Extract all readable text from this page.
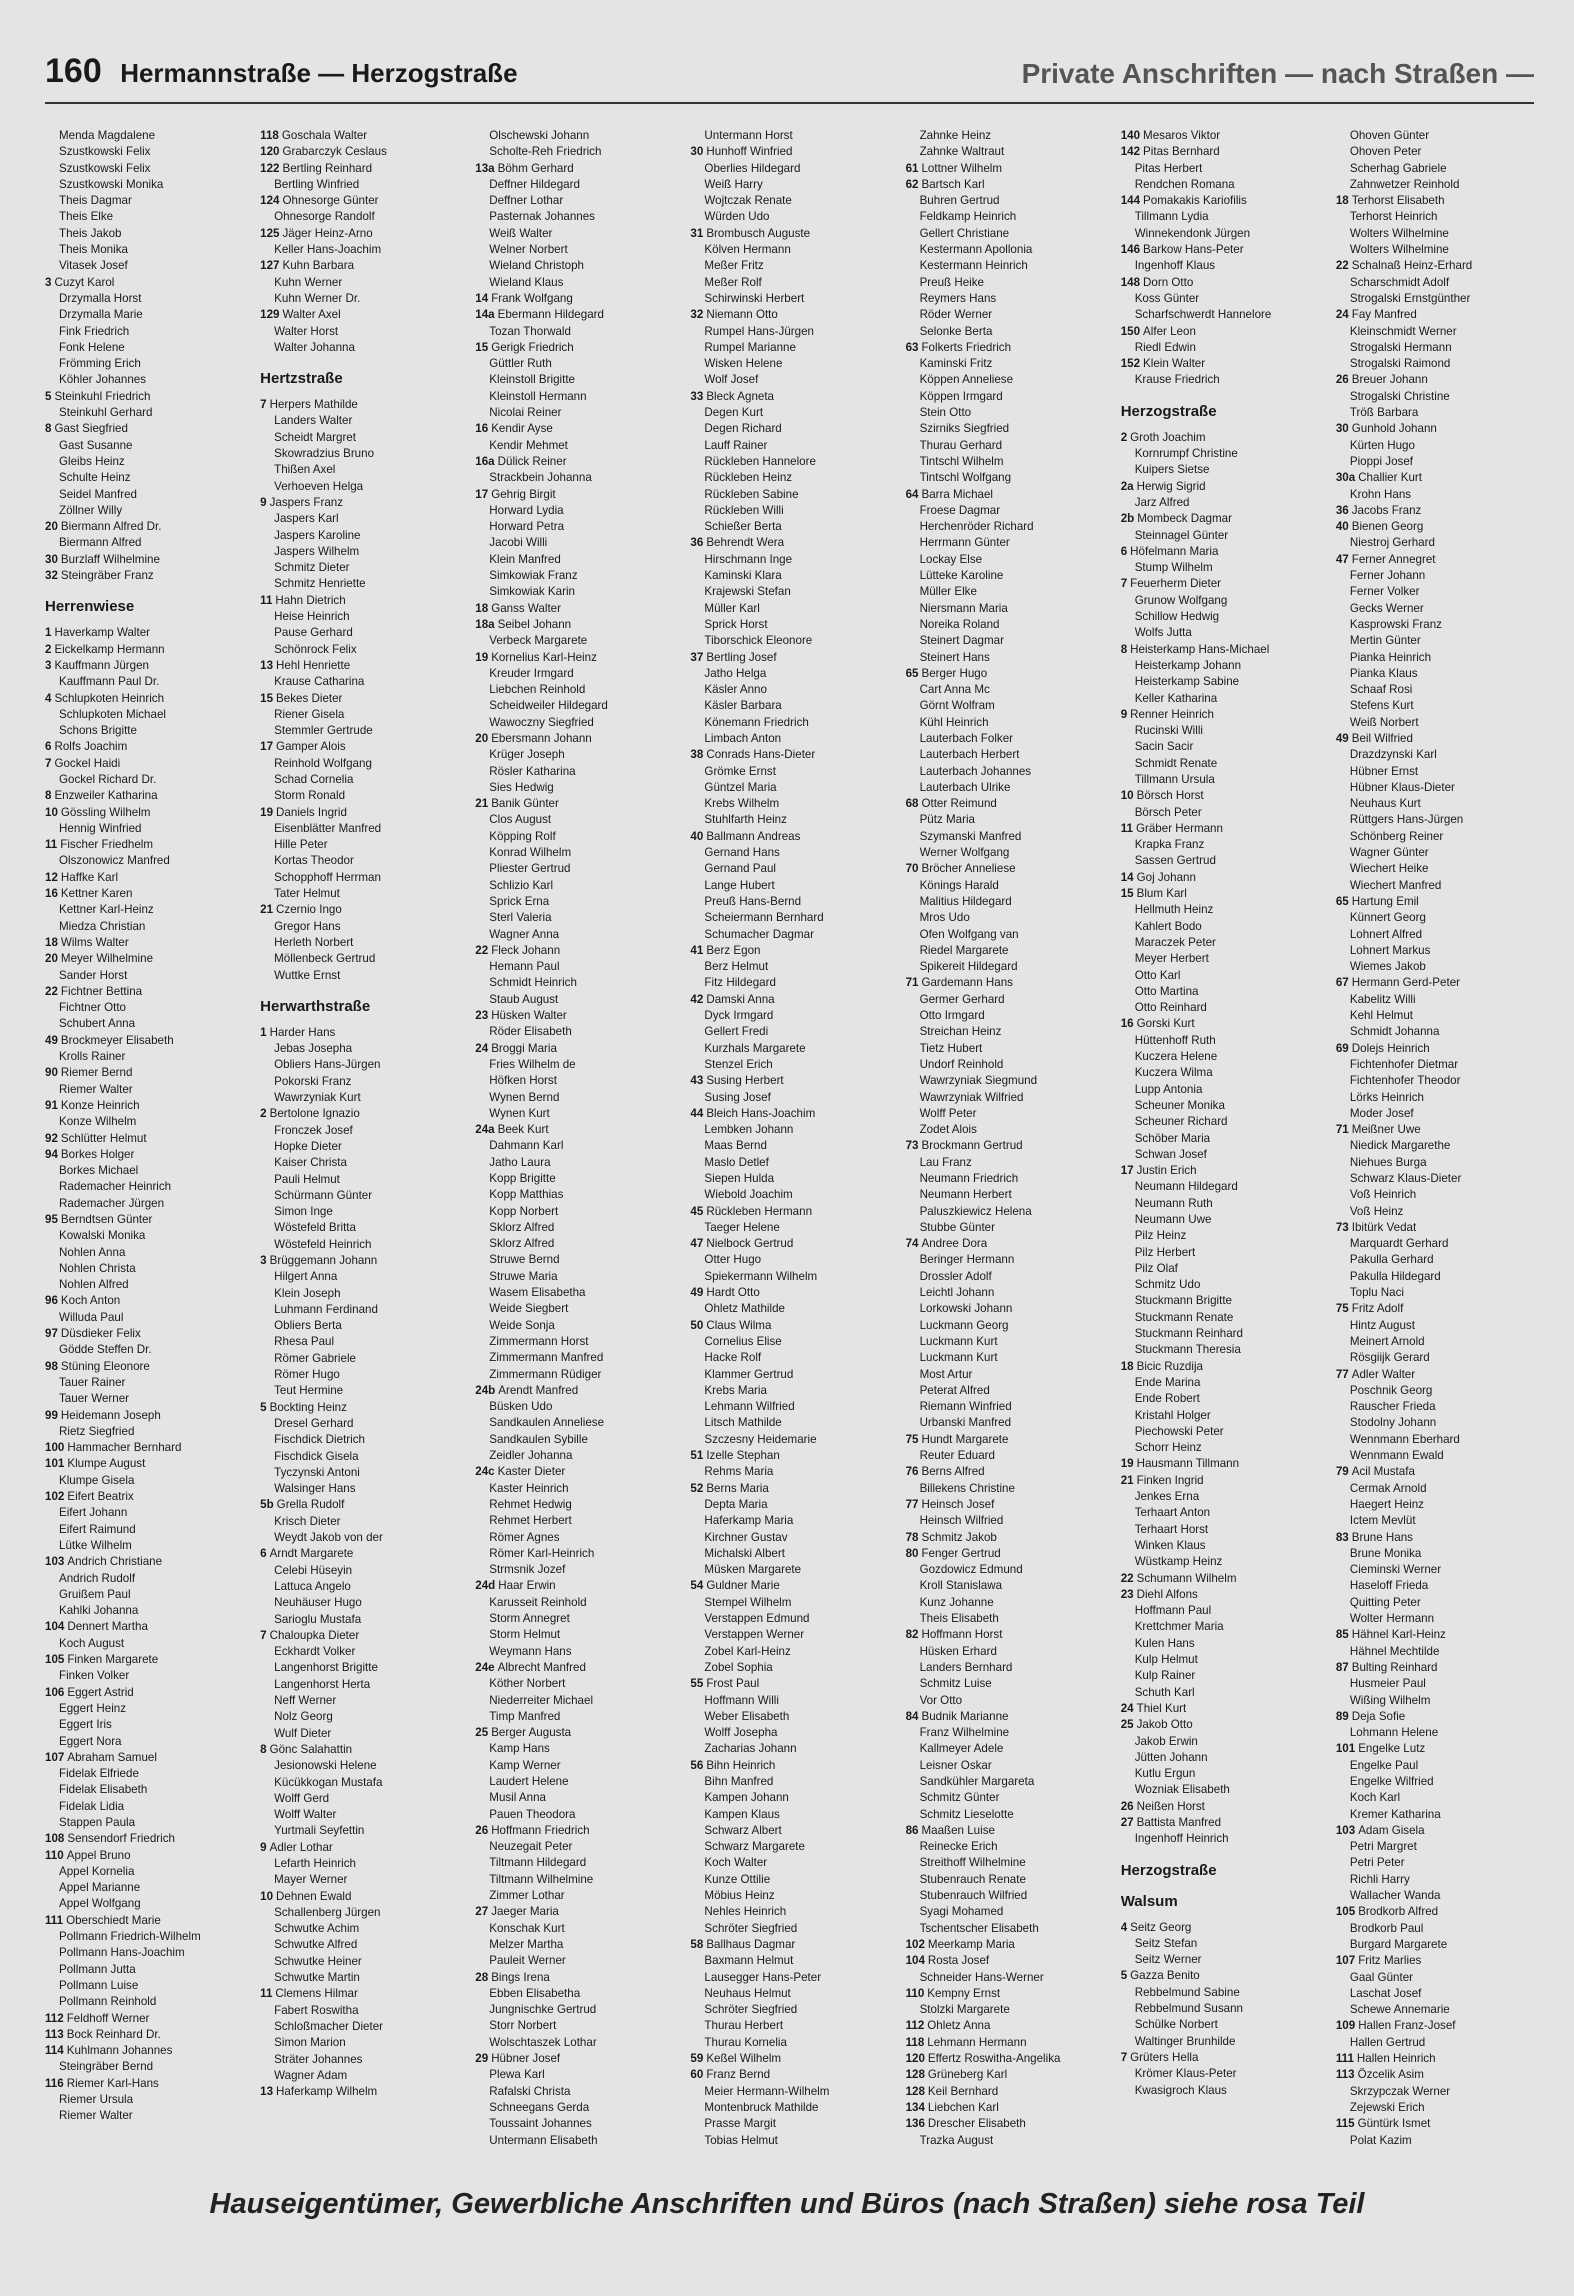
160 Hermannstraße — Herzogstraße	Private Anschriften — nach Straßen —
Menda Magdalene
Szustkowski Felix
Szustkowski Felix
Szustkowski Monika
Theis Dagmar
Theis Elke
Theis Jakob
Theis Monika
Vitasek Josef
3 Cuzyt Karol
Drzymalla Horst
Drzymalla Marie
Fink Friedrich
Fonk Helene
Frömming Erich
Köhler Johannes
5 Steinkuhl Friedrich
Steinkuhl Gerhard
8 Gast Siegfried
Gast Susanne
Gleibs Heinz
Schulte Heinz
Seidel Manfred
Zöllner Willy
20 Biermann Alfred Dr.
Biermann Alfred
30 Burzlaff Wilhelmine
32 Steingräber Franz
Herrenwiese
1 Haverkamp Walter
2 Eickelkamp Hermann
3 Kauffmann Jürgen
Kauffmann Paul Dr.
4 Schlupkoten Heinrich
Schlupkoten Michael
Schons Brigitte
6 Rolfs Joachim
7 Gockel Haidi
Gockel Richard Dr.
8 Enzweiler Katharina
10 Gössling Wilhelm
Hennig Winfried
11 Fischer Friedhelm
Olszonowicz Manfred
12 Haffke Karl
16 Kettner Karen
Kettner Karl-Heinz
Miedza Christian
18 Wilms Walter
20 Meyer Wilhelmine
Sander Horst
22 Fichtner Bettina
Fichtner Otto
Schubert Anna
49 Brockmeyer Elisabeth
Krolls Rainer
90 Riemer Bernd
Riemer Walter
91 Konze Heinrich
Konze Wilhelm
92 Schlütter Helmut
94 Borkes Holger
Borkes Michael
Rademacher Heinrich
Rademacher Jürgen
95 Berndtsen Günter
Kowalski Monika
Nohlen Anna
Nohlen Christa
Nohlen Alfred
96 Koch Anton
Willuda Paul
97 Düsdieker Felix
Gödde Steffen Dr.
98 Stüning Eleonore
Tauer Rainer
Tauer Werner
99 Heidemann Joseph
Rietz Siegfried
100 Hammacher Bernhard
101 Klumpe August
Klumpe Gisela
102 Eifert Beatrix
Eifert Johann
Eifert Raimund
Lütke Wilhelm
103 Andrich Christiane
Andrich Rudolf
Gruißem Paul
Kahlki Johanna
104 Dennert Martha
Koch August
105 Finken Margarete
Finken Volker
106 Eggert Astrid
Eggert Heinz
Eggert Iris
Eggert Nora
107 Abraham Samuel
Fidelak Elfriede
Fidelak Elisabeth
Fidelak Lidia
Stappen Paula
108 Sensendorf Friedrich
110 Appel Bruno
Appel Kornelia
Appel Marianne
Appel Wolfgang
111 Oberschiedt Marie
Pollmann Friedrich-Wilhelm
Pollmann Hans-Joachim
Pollmann Jutta
Pollmann Luise
Pollmann Reinhold
112 Feldhoff Werner
113 Bock Reinhard Dr.
114 Kuhlmann Johannes
Steingräber Bernd
116 Riemer Karl-Hans
Riemer Ursula
Riemer Walter
118 Goschala Walter
120 Grabarczyk Ceslaus
122 Bertling Reinhard
Bertling Winfried
124 Ohnesorge Günter
Ohnesorge Randolf
125 Jäger Heinz-Arno
Keller Hans-Joachim
127 Kuhn Barbara
Kuhn Werner
Kuhn Werner Dr.
129 Walter Axel
Walter Horst
Walter Johanna
Hertzstraße
7 Herpers Mathilde
Landers Walter
Scheidt Margret
Skowradzius Bruno
Thißen Axel
Verhoeven Helga
9 Jaspers Franz
Jaspers Karl
Jaspers Karoline
Jaspers Wilhelm
Schmitz Dieter
Schmitz Henriette
11 Hahn Dietrich
Heise Heinrich
Pause Gerhard
Schönrock Felix
13 Hehl Henriette
Krause Catharina
15 Bekes Dieter
Riener Gisela
Stemmler Gertrude
17 Gamper Alois
Reinhold Wolfgang
Schad Cornelia
Storm Ronald
19 Daniels Ingrid
Eisenblätter Manfred
Hille Peter
Kortas Theodor
Schopphoff Herrman
Tater Helmut
21 Czernio Ingo
Gregor Hans
Herleth Norbert
Möllenbeck Gertrud
Wuttke Ernst
Herwarthstraße
1 Harder Hans
Jebas Josepha
Obliers Hans-Jürgen
Pokorski Franz
Wawrzyniak Kurt
2 Bertolone Ignazio
Fronczek Josef
Hopke Dieter
Kaiser Christa
Pauli Helmut
Schürmann Günter
Simon Inge
Wöstefeld Britta
Wöstefeld Heinrich
3 Brüggemann Johann
Hilgert Anna
Klein Joseph
Luhmann Ferdinand
Obliers Berta
Rhesa Paul
Römer Gabriele
Römer Hugo
Teut Hermine
5 Bockting Heinz
Dresel Gerhard
Fischdick Dietrich
Fischdick Gisela
Tyczynski Antoni
Walsinger Hans
5b Grella Rudolf
Krisch Dieter
Weydt Jakob von der
6 Arndt Margarete
Celebi Hüseyin
Lattuca Angelo
Neuhäuser Hugo
Sarioglu Mustafa
7 Chaloupka Dieter
Eckhardt Volker
Langenhorst Brigitte
Langenhorst Herta
Neff Werner
Nolz Georg
Wulf Dieter
8 Gönc Salahattin
Jesionowski Helene
Kücükkogan Mustafa
Wolff Gerd
Wolff Walter
Yurtmali Seyfettin
9 Adler Lothar
Lefarth Heinrich
Mayer Werner
10 Dehnen Ewald
Schallenberg Jürgen
Schwutke Achim
Schwutke Alfred
Schwutke Heiner
Schwutke Martin
11 Clemens Hilmar
Fabert Roswitha
Schloßmacher Dieter
Simon Marion
Sträter Johannes
Wagner Adam
13 Haferkamp Wilhelm
Olschewski Johann
Scholte-Reh Friedrich
13a Böhm Gerhard
Deffner Hildegard
Deffner Lothar
Pasternak Johannes
Weiß Walter
Welner Norbert
Wieland Christoph
Wieland Klaus
14 Frank Wolfgang
14a Ebermann Hildegard
Tozan Thorwald
15 Gerigk Friedrich
Güttler Ruth
Kleinstoll Brigitte
Kleinstoll Hermann
Nicolai Reiner
16 Kendir Ayse
Kendir Mehmet
16a Dülick Reiner
Strackbein Johanna
17 Gehrig Birgit
Horward Lydia
Horward Petra
Jacobi Willi
Klein Manfred
Simkowiak Franz
Simkowiak Karin
18 Ganss Walter
18a Seibel Johann
Verbeck Margarete
19 Kornelius Karl-Heinz
Kreuder Irmgard
Liebchen Reinhold
Scheidweiler Hildegard
Wawoczny Siegfried
20 Ebersmann Johann
Krüger Joseph
Rösler Katharina
Sies Hedwig
21 Banik Günter
Clos August
Köpping Rolf
Konrad Wilhelm
Pliester Gertrud
Schlizio Karl
Sprick Erna
Sterl Valeria
Wagner Anna
22 Fleck Johann
Hemann Paul
Schmidt Heinrich
Staub August
23 Hüsken Walter
Röder Elisabeth
24 Broggi Maria
Fries Wilhelm de
Höfken Horst
Wynen Bernd
Wynen Kurt
24a Beek Kurt
Dahmann Karl
Jatho Laura
Kopp Brigitte
Kopp Matthias
Kopp Norbert
Sklorz Alfred
Sklorz Alfred
Struwe Bernd
Struwe Maria
Wasem Elisabetha
Weide Siegbert
Weide Sonja
Zimmermann Horst
Zimmermann Manfred
Zimmermann Rüdiger
24b Arendt Manfred
Büsken Udo
Sandkaulen Anneliese
Sandkaulen Sybille
Zeidler Johanna
24c Kaster Dieter
Kaster Heinrich
Rehmet Hedwig
Rehmet Herbert
Römer Agnes
Römer Karl-Heinrich
Strmsnik Jozef
24d Haar Erwin
Karusseit Reinhold
Storm Annegret
Storm Helmut
Weymann Hans
24e Albrecht Manfred
Köther Norbert
Niederreiter Michael
Timp Manfred
25 Berger Augusta
Kamp Hans
Kamp Werner
Laudert Helene
Musil Anna
Pauen Theodora
26 Hoffmann Friedrich
Neuzegait Peter
Tiltmann Hildegard
Tiltmann Wilhelmine
Zimmer Lothar
27 Jaeger Maria
Konschak Kurt
Melzer Martha
Pauleit Werner
28 Bings Irena
Ebben Elisabetha
Jungnischke Gertrud
Storr Norbert
Wolschtaszek Lothar
29 Hübner Josef
Plewa Karl
Rafalski Christa
Schneegans Gerda
Toussaint Johannes
Untermann Elisabeth
Untermann Horst
30 Hunhoff Winfried
Oberlies Hildegard
Weiß Harry
Wojtczak Renate
Würden Udo
31 Brombusch Auguste
Kölven Hermann
Meßer Fritz
Meßer Rolf
Schirwinski Herbert
32 Niemann Otto
Rumpel Hans-Jürgen
Rumpel Marianne
Wisken Helene
Wolf Josef
33 Bleck Agneta
Degen Kurt
Degen Richard
Lauff Rainer
Rückleben Hannelore
Rückleben Heinz
Rückleben Sabine
Rückleben Willi
Schießer Berta
36 Behrendt Wera
Hirschmann Inge
Kaminski Klara
Krajewski Stefan
Müller Karl
Sprick Horst
Tiborschick Eleonore
37 Bertling Josef
Jatho Helga
Käsler Anno
Käsler Barbara
Könemann Friedrich
Limbach Anton
38 Conrads Hans-Dieter
Grömke Ernst
Güntzel Maria
Krebs Wilhelm
Stuhlfarth Heinz
40 Ballmann Andreas
Gernand Hans
Gernand Paul
Lange Hubert
Preuß Hans-Bernd
Scheiermann Bernhard
Schumacher Dagmar
41 Berz Egon
Berz Helmut
Fitz Hildegard
42 Damski Anna
Dyck Irmgard
Gellert Fredi
Kurzhals Margarete
Stenzel Erich
43 Susing Herbert
Susing Josef
44 Bleich Hans-Joachim
Lembken Johann
Maas Bernd
Maslo Detlef
Siepen Hulda
Wiebold Joachim
45 Rückleben Hermann
Taeger Helene
47 Nielbock Gertrud
Otter Hugo
Spiekermann Wilhelm
49 Hardt Otto
Ohletz Mathilde
50 Claus Wilma
Cornelius Elise
Hacke Rolf
Klammer Gertrud
Krebs Maria
Lehmann Wilfried
Litsch Mathilde
Szczesny Heidemarie
51 Izelle Stephan
Rehms Maria
52 Berns Maria
Depta Maria
Haferkamp Maria
Kirchner Gustav
Michalski Albert
Müsken Margarete
54 Guldner Marie
Stempel Wilhelm
Verstappen Edmund
Verstappen Werner
Zobel Karl-Heinz
Zobel Sophia
55 Frost Paul
Hoffmann Willi
Weber Elisabeth
Wolff Josepha
Zacharias Johann
56 Bihn Heinrich
Bihn Manfred
Kampen Johann
Kampen Klaus
Schwarz Albert
Schwarz Margarete
Koch Walter
Kunze Ottilie
Möbius Heinz
Nehles Heinrich
Schröter Siegfried
58 Ballhaus Dagmar
Baxmann Helmut
Lausegger Hans-Peter
Neuhaus Helmut
Schröter Siegfried
Thurau Herbert
Thurau Kornelia
59 Keßel Wilhelm
60 Franz Bernd
Meier Hermann-Wilhelm
Montenbruck Mathilde
Prasse Margit
Tobias Helmut
Zahnke Heinz
Zahnke Waltraut
61 Lottner Wilhelm
62 Bartsch Karl
Buhren Gertrud
Feldkamp Heinrich
Gellert Christiane
Kestermann Apollonia
Kestermann Heinrich
Preuß Heike
Reymers Hans
Röder Werner
Selonke Berta
63 Folkerts Friedrich
Kaminski Fritz
Köppen Anneliese
Köppen Irmgard
Stein Otto
Szirniks Siegfried
Thurau Gerhard
Tintschl Wilhelm
Tintschl Wolfgang
64 Barra Michael
Froese Dagmar
Herchenröder Richard
Herrmann Günter
Lockay Else
Lütteke Karoline
Müller Elke
Niersmann Maria
Noreika Roland
Steinert Dagmar
Steinert Hans
65 Berger Hugo
Cart Anna Mc
Görnt Wolfram
Kühl Heinrich
Lauterbach Folker
Lauterbach Herbert
Lauterbach Johannes
Lauterbach Ulrike
68 Otter Reimund
Pütz Maria
Szymanski Manfred
Werner Wolfgang
70 Bröcher Anneliese
Könings Harald
Malitius Hildegard
Mros Udo
Ofen Wolfgang van
Riedel Margarete
Spikereit Hildegard
71 Gardemann Hans
Germer Gerhard
Otto Irmgard
Streichan Heinz
Tietz Hubert
Undorf Reinhold
Wawrzyniak Siegmund
Wawrzyniak Wilfried
Wolff Peter
Zodet Alois
73 Brockmann Gertrud
Lau Franz
Neumann Friedrich
Neumann Herbert
Paluszkiewicz Helena
Stubbe Günter
74 Andree Dora
Beringer Hermann
Drossler Adolf
Leichtl Johann
Lorkowski Johann
Luckmann Georg
Luckmann Kurt
Luckmann Kurt
Most Artur
Peterat Alfred
Riemann Winfried
Urbanski Manfred
75 Hundt Margarete
Reuter Eduard
76 Berns Alfred
Billekens Christine
77 Heinsch Josef
Heinsch Wilfried
78 Schmitz Jakob
80 Fenger Gertrud
Gozdowicz Edmund
Kroll Stanislawa
Kunz Johanne
Theis Elisabeth
82 Hoffmann Horst
Hüsken Erhard
Landers Bernhard
Schmitz Luise
Vor Otto
84 Budnik Marianne
Franz Wilhelmine
Kallmeyer Adele
Leisner Oskar
Sandkühler Margareta
Schmitz Günter
Schmitz Lieselotte
86 Maaßen Luise
Reinecke Erich
Streithoff Wilhelmine
Stubenrauch Renate
Stubenrauch Wilfried
Syagi Mohamed
Tschentscher Elisabeth
102 Meerkamp Maria
104 Rosta Josef
Schneider Hans-Werner
110 Kempny Ernst
Stolzki Margarete
112 Ohletz Anna
118 Lehmann Hermann
120 Effertz Roswitha-Angelika
128 Grüneberg Karl
128 Keil Bernhard
134 Liebchen Karl
136 Drescher Elisabeth
Trazka August
140 Mesaros Viktor
142 Pitas Bernhard
Pitas Herbert
Rendchen Romana
144 Pomakakis Kariofilis
Tillmann Lydia
Winnekendonk Jürgen
146 Barkow Hans-Peter
Ingenhoff Klaus
148 Dorn Otto
Koss Günter
Scharfschwerdt Hannelore
150 Alfer Leon
Riedl Edwin
152 Klein Walter
Krause Friedrich
Herzogstraße
2 Groth Joachim
Kornrumpf Christine
Kuipers Sietse
2a Herwig Sigrid
Jarz Alfred
2b Mombeck Dagmar
Steinnagel Günter
6 Höfelmann Maria
Stump Wilhelm
7 Feuerherm Dieter
Grunow Wolfgang
Schillow Hedwig
Wolfs Jutta
8 Heisterkamp Hans-Michael
Heisterkamp Johann
Heisterkamp Sabine
Keller Katharina
9 Renner Heinrich
Rucinski Willi
Sacin Sacir
Schmidt Renate
Tillmann Ursula
10 Börsch Horst
Börsch Peter
11 Gräber Hermann
Krapka Franz
Sassen Gertrud
14 Goj Johann
15 Blum Karl
Hellmuth Heinz
Kahlert Bodo
Maraczek Peter
Meyer Herbert
Otto Karl
Otto Martina
Otto Reinhard
16 Gorski Kurt
Hüttenhoff Ruth
Kuczera Helene
Kuczera Wilma
Lupp Antonia
Scheuner Monika
Scheuner Richard
Schöber Maria
Schwan Josef
17 Justin Erich
Neumann Hildegard
Neumann Ruth
Neumann Uwe
Pilz Heinz
Pilz Herbert
Pilz Olaf
Schmitz Udo
Stuckmann Brigitte
Stuckmann Renate
Stuckmann Reinhard
Stuckmann Theresia
18 Bicic Ruzdija
Ende Marina
Ende Robert
Kristahl Holger
Piechowski Peter
Schorr Heinz
19 Hausmann Tillmann
21 Finken Ingrid
Jenkes Erna
Terhaart Anton
Terhaart Horst
Winken Klaus
Wüstkamp Heinz
22 Schumann Wilhelm
23 Diehl Alfons
Hoffmann Paul
Krettchmer Maria
Kulen Hans
Kulp Helmut
Kulp Rainer
Schuth Karl
24 Thiel Kurt
25 Jakob Otto
Jakob Erwin
Jütten Johann
Kutlu Ergun
Wozniak Elisabeth
26 Neißen Horst
27 Battista Manfred
Ingenhoff Heinrich
Herzogstraße
Walsum
4 Seitz Georg
Seitz Stefan
Seitz Werner
5 Gazza Benito
Rebbelmund Sabine
Rebbelmund Susann
Schülke Norbert
Waltinger Brunhilde
7 Grüters Hella
Krömer Klaus-Peter
Kwasigroch Klaus
Ohoven Günter
Ohoven Peter
Scherhag Gabriele
Zahnwetzer Reinhold
18 Terhorst Elisabeth
Terhorst Heinrich
Wolters Wilhelmine
Wolters Wilhelmine
22 Schalnaß Heinz-Erhard
Scharschmidt Adolf
Strogalski Ernstgünther
24 Fay Manfred
Kleinschmidt Werner
Strogalski Hermann
Strogalski Raimond
26 Breuer Johann
Strogalski Christine
Tröß Barbara
30 Gunhold Johann
Kürten Hugo
Pioppi Josef
30a Challier Kurt
Krohn Hans
36 Jacobs Franz
40 Bienen Georg
Niestroj Gerhard
47 Ferner Annegret
Ferner Johann
Ferner Volker
Gecks Werner
Kasprowski Franz
Mertin Günter
Pianka Heinrich
Pianka Klaus
Schaaf Rosi
Stefens Kurt
Weiß Norbert
49 Beil Wilfried
Drazdzynski Karl
Hübner Ernst
Hübner Klaus-Dieter
Neuhaus Kurt
Rüttgers Hans-Jürgen
Schönberg Reiner
Wagner Günter
Wiechert Heike
Wiechert Manfred
65 Hartung Emil
Künnert Georg
Lohnert Alfred
Lohnert Markus
Wiemes Jakob
67 Hermann Gerd-Peter
Kabelitz Willi
Kehl Helmut
Schmidt Johanna
69 Dolejs Heinrich
Fichtenhofer Dietmar
Fichtenhofer Theodor
Lörks Heinrich
Moder Josef
71 Meißner Uwe
Niedick Margarethe
Niehues Burga
Schwarz Klaus-Dieter
Voß Heinrich
Voß Heinz
73 Ibitürk Vedat
Marquardt Gerhard
Pakulla Gerhard
Pakulla Hildegard
Toplu Naci
75 Fritz Adolf
Hintz August
Meinert Arnold
Rösgiijk Gerard
77 Adler Walter
Poschnik Georg
Rauscher Frieda
Stodolny Johann
Wennmann Eberhard
Wennmann Ewald
79 Acil Mustafa
Cermak Arnold
Haegert Heinz
Ictem Mevlüt
83 Brune Hans
Brune Monika
Cieminski Werner
Haseloff Frieda
Quitting Peter
Wolter Hermann
85 Hähnel Karl-Heinz
Hähnel Mechtilde
87 Bulting Reinhard
Husmeier Paul
Wißing Wilhelm
89 Deja Sofie
Lohmann Helene
101 Engelke Lutz
Engelke Paul
Engelke Wilfried
Koch Karl
Kremer Katharina
103 Adam Gisela
Petri Margret
Petri Peter
Richli Harry
Wallacher Wanda
105 Brodkorb Alfred
Brodkorb Paul
Burgard Margarete
107 Fritz Marlies
Gaal Günter
Laschat Josef
Schewe Annemarie
109 Hallen Franz-Josef
Hallen Gertrud
111 Hallen Heinrich
113 Özcelik Asim
Skrzypczak Werner
Zejewski Erich
115 Güntürk Ismet
Polat Kazim
Hauseigentümer, Gewerbliche Anschriften und Büros (nach Straßen) siehe rosa Teil
